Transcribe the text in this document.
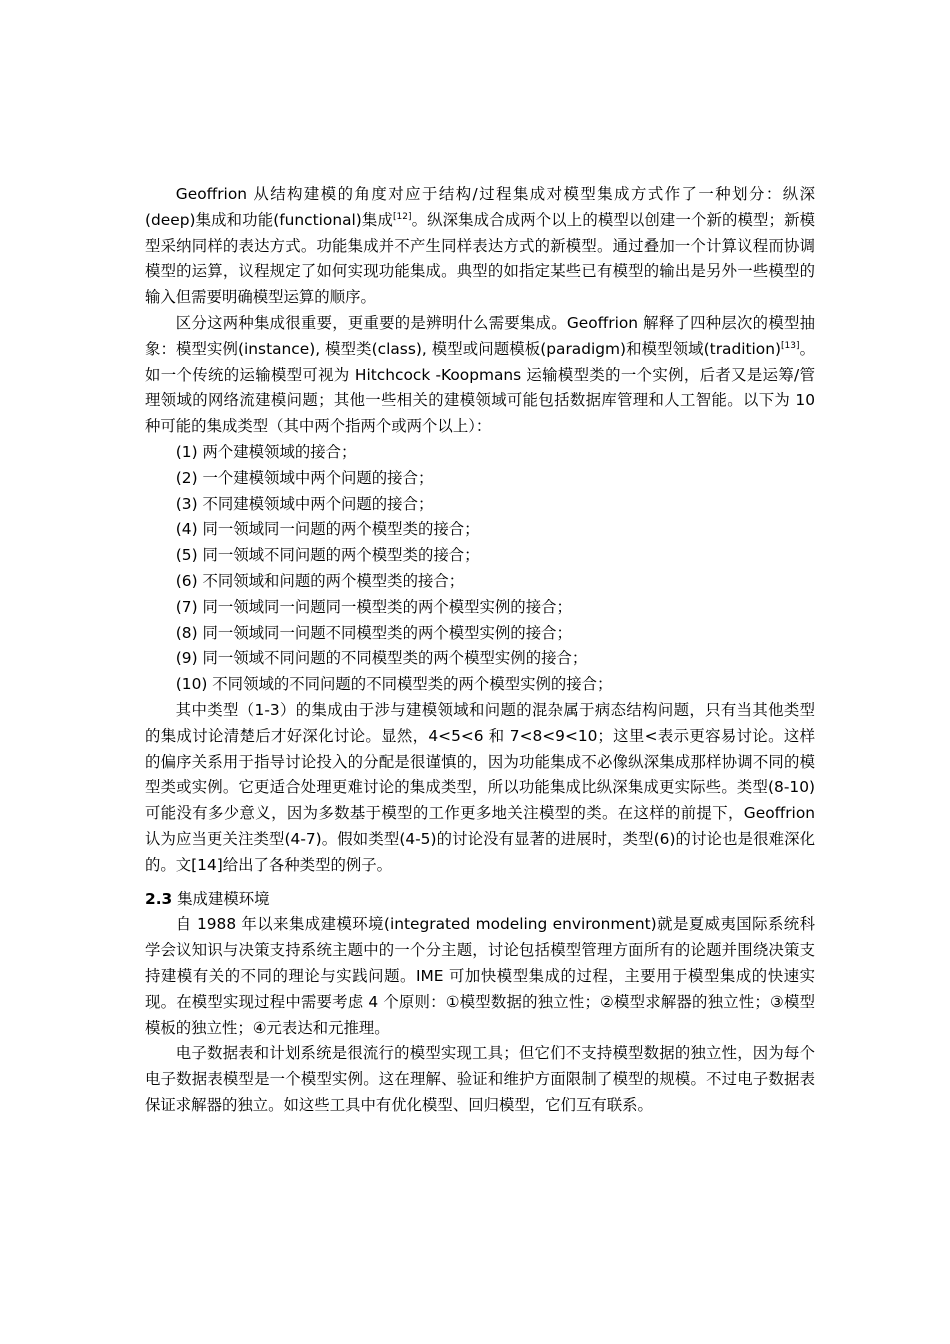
Geoffrion 从结构建模的角度对应于结构/过程集成对模型集成方式作了一种划分：纵深(deep)集成和功能(functional)集成[12]。纵深集成合成两个以上的模型以创建一个新的模型；新模型采纳同样的表达方式。功能集成并不产生同样表达方式的新模型。通过叠加一个计算议程而协调模型的运算，议程规定了如何实现功能集成。典型的如指定某些已有模型的输出是另外一些模型的输入但需要明确模型运算的顺序。

区分这两种集成很重要，更重要的是辨明什么需要集成。Geoffrion 解释了四种层次的模型抽象：模型实例(instance), 模型类(class), 模型或问题模板(paradigm)和模型领域(tradition)[13]。如一个传统的运输模型可视为 Hitchcock -Koopmans 运输模型类的一个实例，后者又是运筹/管理领域的网络流建模问题；其他一些相关的建模领域可能包括数据库管理和人工智能。以下为 10 种可能的集成类型（其中两个指两个或两个以上）：

(1) 两个建模领域的接合；

(2) 一个建模领域中两个问题的接合；

(3) 不同建模领域中两个问题的接合；

(4) 同一领域同一问题的两个模型类的接合；

(5) 同一领域不同问题的两个模型类的接合；

(6) 不同领域和问题的两个模型类的接合；

(7) 同一领域同一问题同一模型类的两个模型实例的接合；

(8) 同一领域同一问题不同模型类的两个模型实例的接合；

(9) 同一领域不同问题的不同模型类的两个模型实例的接合；

(10) 不同领域的不同问题的不同模型类的两个模型实例的接合；

其中类型（1-3）的集成由于涉与建模领域和问题的混杂属于病态结构问题，只有当其他类型的集成讨论清楚后才好深化讨论。显然，4<5<6 和 7<8<9<10；这里<表示更容易讨论。这样的偏序关系用于指导讨论投入的分配是很谨慎的，因为功能集成不必像纵深集成那样协调不同的模型类或实例。它更适合处理更难讨论的集成类型，所以功能集成比纵深集成更实际些。类型(8-10)可能没有多少意义，因为多数基于模型的工作更多地关注模型的类。在这样的前提下，Geoffrion 认为应当更关注类型(4-7)。假如类型(4-5)的讨论没有显著的进展时，类型(6)的讨论也是很难深化的。文[14]给出了各种类型的例子。

2.3 集成建模环境

自 1988 年以来集成建模环境(integrated modeling environment)就是夏威夷国际系统科学会议知识与决策支持系统主题中的一个分主题，讨论包括模型管理方面所有的论题并围绕决策支持建模有关的不同的理论与实践问题。IME 可加快模型集成的过程，主要用于模型集成的快速实现。在模型实现过程中需要考虑 4 个原则：①模型数据的独立性；②模型求解器的独立性；③模型模板的独立性；④元表达和元推理。

电子数据表和计划系统是很流行的模型实现工具；但它们不支持模型数据的独立性，因为每个电子数据表模型是一个模型实例。这在理解、验证和维护方面限制了模型的规模。不过电子数据表保证求解器的独立。如这些工具中有优化模型、回归模型，它们互有联系。
